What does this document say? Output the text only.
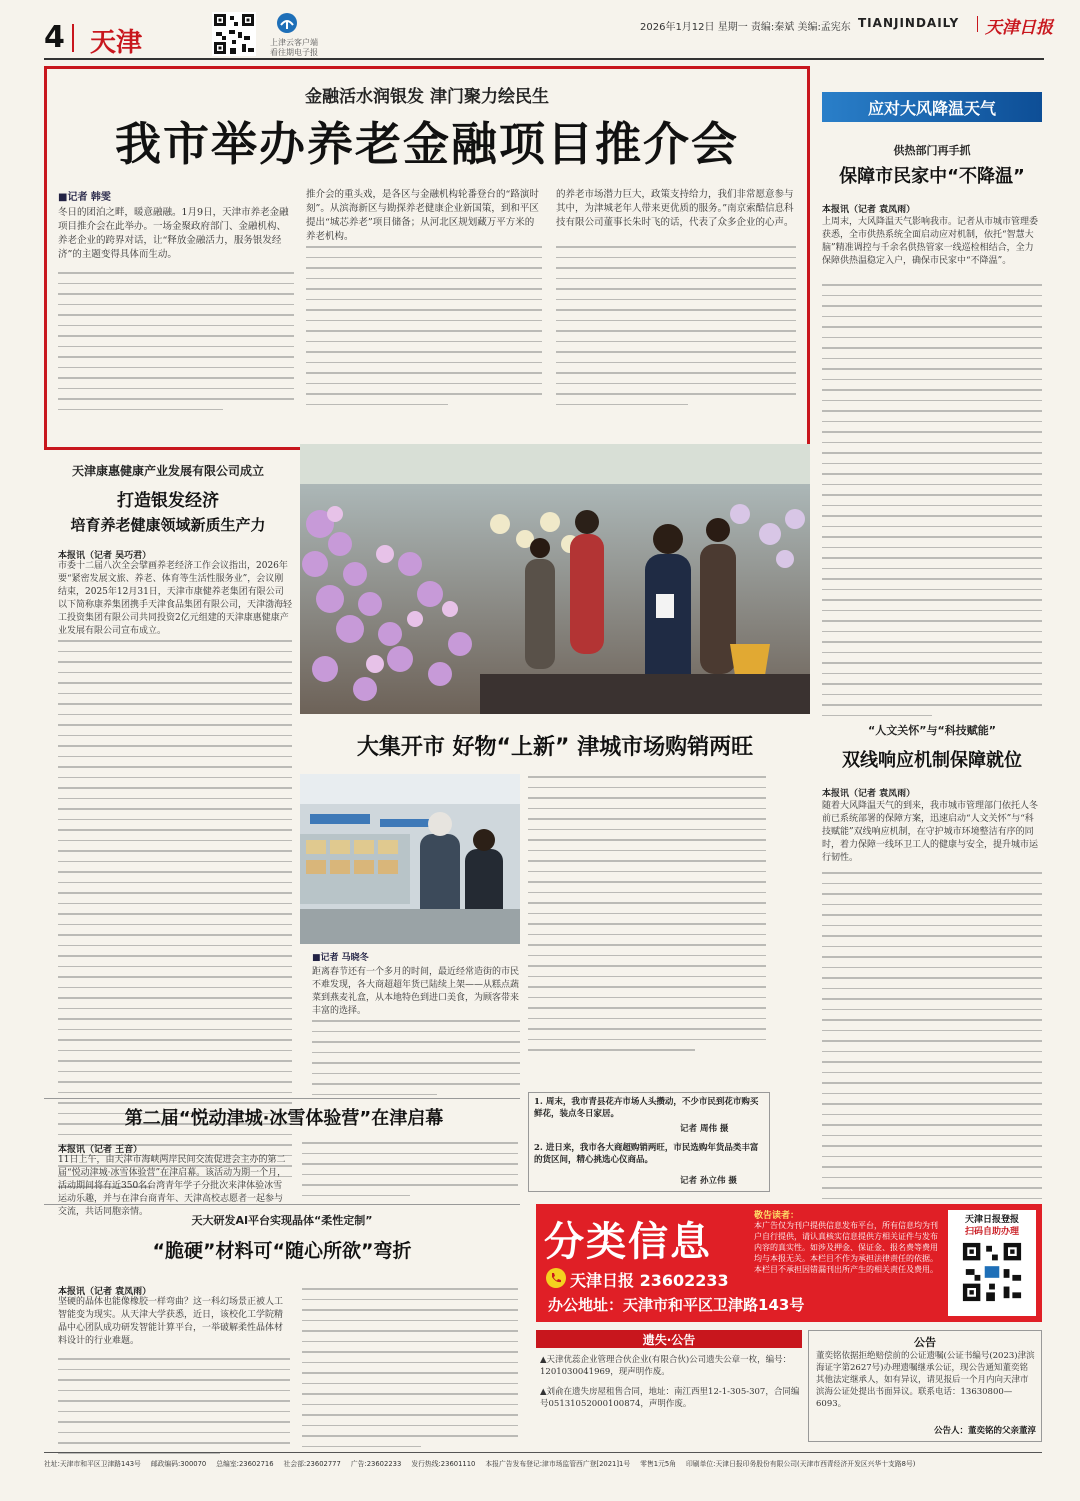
4 天津	上津云客户端
看往期电子报
2026年1月12日 星期一 责编:秦斌 美编:孟宪东 TIANJINDAILY 天津日报
金融活水润银发 津门聚力绘民生
我市举办养老金融项目推介会
■记者 韩雯
冬日的团泊之畔，暖意融融。1月9日，天津市养老金融项目推介会在此举办。一场金聚政府部门、金融机构、养老企业的跨界对话，让“释放金融活力，服务银发经济”的主题变得具体而生动。
推介会的重头戏，是各区与金融机构轮番登台的“路演时刻”。从滨海新区与勘探养老健康企业新国策，到和平区提出“城芯养老”项目储备；从河北区规划藏万平方米的养老机构。
的养老市场潜力巨大，政策支持给力，我们非常愿意参与其中，为津城老年人带来更优质的服务。”南京索酷信息科技有限公司董事长朱时飞的话，代表了众多企业的心声。
应对大风降温天气
供热部门再手抓
保障市民家中“不降温”
本报讯（记者 袁凤雨）
上周末，大风降温天气影响我市。记者从市城市管理委获悉，全市供热系统全面启动应对机制，依托“智慧大脑”精准调控与千余名供热管家一线巡检相结合，全力保障供热温稳定入户，确保市民家中“不降温”。
天津康惠健康产业发展有限公司成立
打造银发经济
培育养老健康领域新质生产力
本报讯（记者 吴巧君）
市委十二届八次全会擘画养老经济工作会议指出，2026年要“紧密发展文旅、养老、体育等生活性服务业”，会议刚结束，2025年12月31日，天津市康健养老集团有限公司以下简称康养集团携手天津食品集团有限公司，天津渤海轻工投资集团有限公司共同投资2亿元组建的天津康惠健康产业发展有限公司宣布成立。
大集开市 好物“上新” 津城市场购销两旺
■记者 马晓冬
距离春节还有一个多月的时间，最近经常造街的市民不难发现，各大商超超年货已陆续上架——从糕点蔬菜到燕麦礼盒，从本地特色到进口美食，为顾客带来丰富的选择。
1. 周末，我市青县花卉市场人头攒动，不少市民到花市购买鲜花，装点冬日家居。
记者 周伟 摄
2. 进日来，我市各大商超购销两旺，市民选购年货品类丰富的货区间，精心挑选心仪商品。
记者 孙立伟 摄
“人文关怀”与“科技赋能”
双线响应机制保障就位
本报讯（记者 袁凤雨）
随着大风降温天气的到来，我市城市管理部门依托人冬前已系统部署的保障方案，迅速启动“人文关怀”与“科技赋能”双线响应机制，在守护城市环境整洁有序的同时，着力保障一线环卫工人的健康与安全，提升城市运行韧性。
第二届“悦动津城·冰雪体验营”在津启幕
本报讯（记者 王音）
11日上午，由天津市海峡两岸民间交流促进会主办的第二届“悦动津城·冰雪体验营”在津启幕。该活动为期一个月，活动期间将有近350名台湾青年学子分批次来津体验冰雪运动乐趣，并与在津台商青年、天津高校志愿者一起参与交流，共话同胞亲情。
天大研发AI平台实现晶体“柔性定制”
“脆硬”材料可“随心所欲”弯折
本报讯（记者 袁凤雨）
坚硬的晶体也能像橡胶一样弯曲？这一科幻场景正被人工智能变为现实。从天津大学获悉，近日，该校化工学院精晶中心团队成功研发智能计算平台，一举破解柔性晶体材料设计的行业难题。
分类信息
天津日报 23602233
办公地址：天津市和平区卫津路143号
敬告读者：
本广告仅为刊户提供信息发布平台，所有信息均为刊户自行提供，请认真核实信息提供方相关证件与发布内容的真实性。如涉及押金、保证金、报名费等费用均与本报无关。本栏目不作为承担法律责任的依据。本栏目不承担因错漏刊出所产生的相关责任及费用。
天津日报登报
扫码自助办理
遗失·公告
▲天津优蕊企业管理合伙企业(有限合伙)公司遗失公章一枚，编号：1201030041969，现声明作废。
▲刘俞在遗失房屋租售合同，地址：南江西里12-1-305-307，合同编号05131052000100874，声明作废。
公告
董奕铭依据拒绝赔偿前的公证遗嘱(公证书编号(2023)津滨海证字第2627号)办理遗嘱继承公证，现公告通知董奕铭其他法定继承人，如有异议，请见报后一个月内向天津市滨海公证处提出书面异议。联系电话：13630800—6093。
公告人：董奕铭的父亲董淳
社址:天津市和平区卫津路143号 邮政编码:300070 总编室:23602716 社会部:23602777 广告:23602233 发行热线:23601110 本报广告发布登记:津市场监管西广登[2021]1号 零售1元5角 印刷单位:天津日报印务股份有限公司(天津市西青经济开发区兴华十支路8号)
